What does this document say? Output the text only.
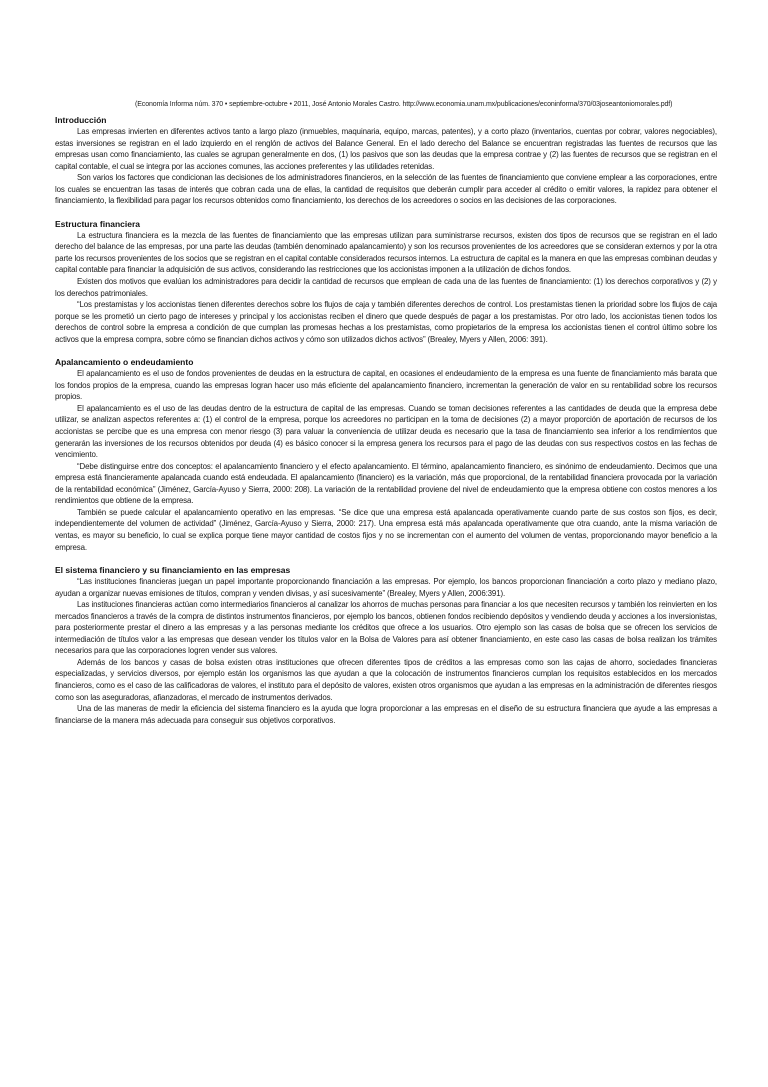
(Economía Informa núm. 370 • septiembre-octubre • 2011, José Antonio Morales Castro. http://www.economia.unam.mx/publicaciones/econinforma/370/03joseantoniomorales.pdf)
Introducción

Las empresas invierten en diferentes activos tanto a largo plazo (inmuebles, maquinaria, equipo, marcas, patentes), y a corto plazo (inventarios, cuentas por cobrar, valores negociables), estas inversiones se registran en el lado izquierdo en el renglón de activos del Balance General. En el lado derecho del Balance se encuentran registradas las fuentes de recursos que las empresas usan como financiamiento, las cuales se agrupan generalmente en dos, (1) los pasivos que son las deudas que la empresa contrae y (2) las fuentes de recursos que se registran en el capital contable, el cual se integra por las acciones comunes, las acciones preferentes y las utilidades retenidas.

Son varios los factores que condicionan las decisiones de los administradores financieros, en la selección de las fuentes de financiamiento que conviene emplear a las corporaciones, entre los cuales se encuentran las tasas de interés que cobran cada una de ellas, la cantidad de requisitos que deberán cumplir para acceder al crédito o emitir valores, la rapidez para obtener el financiamiento, la flexibilidad para pagar los recursos obtenidos como financiamiento, los derechos de los acreedores o socios en las decisiones de las corporaciones.

Estructura financiera

La estructura financiera es la mezcla de las fuentes de financiamiento que las empresas utilizan para suministrarse recursos, existen dos tipos de recursos que se registran en el lado derecho del balance de las empresas, por una parte las deudas (también denominado apalancamiento) y son los recursos provenientes de los acreedores que se consideran externos y por la otra parte los recursos provenientes de los socios que se registran en el capital contable considerados recursos internos. La estructura de capital es la manera en que las empresas combinan deudas y capital contable para financiar la adquisición de sus activos, considerando las restricciones que los accionistas imponen a la utilización de dichos fondos.

Existen dos motivos que evalúan los administradores para decidir la cantidad de recursos que emplean de cada una de las fuentes de financiamiento: (1) los derechos corporativos y (2) y los derechos patrimoniales.

“Los prestamistas y los accionistas tienen diferentes derechos sobre los flujos de caja y también diferentes derechos de control. Los prestamistas tienen la prioridad sobre los flujos de caja porque se les prometió un cierto pago de intereses y principal y los accionistas reciben el dinero que quede después de pagar a los prestamistas. Por otro lado, los accionistas tienen todos los derechos de control sobre la empresa a condición de que cumplan las promesas hechas a los prestamistas, como propietarios de la empresa los accionistas tienen el control último sobre los activos que la empresa compra, sobre cómo se financian dichos activos y cómo son utilizados dichos activos” (Brealey, Myers y Allen, 2006: 391).

Apalancamiento o endeudamiento

El apalancamiento es el uso de fondos provenientes de deudas en la estructura de capital, en ocasiones el endeudamiento de la empresa es una fuente de financiamiento más barata que los fondos propios de la empresa, cuando las empresas logran hacer uso más eficiente del apalancamiento financiero, incrementan la generación de valor en su rentabilidad sobre los recursos propios.

El apalancamiento es el uso de las deudas dentro de la estructura de capital de las empresas. Cuando se toman decisiones referentes a las cantidades de deuda que la empresa debe utilizar, se analizan aspectos referentes a: (1) el control de la empresa, porque los acreedores no participan en la toma de decisiones (2) a mayor proporción de aportación de recursos de los accionistas se percibe que es una empresa con menor riesgo (3) para valuar la conveniencia de utilizar deuda es necesario que la tasa de financiamiento sea inferior a los rendimientos que generarán las inversiones de los recursos obtenidos por deuda (4) es básico conocer si la empresa genera los recursos para el pago de las deudas con sus respectivos costos en las fechas de vencimiento.

“Debe distinguirse entre dos conceptos: el apalancamiento financiero y el efecto apalancamiento. El término, apalancamiento financiero, es sinónimo de endeudamiento. Decimos que una empresa está financieramente apalancada cuando está endeudada. El apalancamiento (financiero) es la variación, más que proporcional, de la rentabilidad financiera provocada por la variación de la rentabilidad económica” (Jiménez, García-Ayuso y Sierra, 2000: 208). La variación de la rentabilidad proviene del nivel de endeudamiento que la empresa obtiene con costos menores a los rendimientos que obtiene de la empresa.

También se puede calcular el apalancamiento operativo en las empresas. “Se dice que una empresa está apalancada operativamente cuando parte de sus costos son fijos, es decir, independientemente del volumen de actividad” (Jiménez, García-Ayuso y Sierra, 2000: 217). Una empresa está más apalancada operativamente que otra cuando, ante la misma variación de ventas, es mayor su beneficio, lo cual se explica porque tiene mayor cantidad de costos fijos y no se incrementan con el aumento del volumen de ventas, proporcionando mayor beneficio a la empresa.

El sistema financiero y su financiamiento en las empresas

“Las instituciones financieras juegan un papel importante proporcionando financiación a las empresas. Por ejemplo, los bancos proporcionan financiación a corto plazo y mediano plazo, ayudan a organizar nuevas emisiones de títulos, compran y venden divisas, y así sucesivamente” (Brealey, Myers y Allen, 2006:391).

Las instituciones financieras actúan como intermediarios financieros al canalizar los ahorros de muchas personas para financiar a los que necesiten recursos y también los reinvierten en los mercados financieros a través de la compra de distintos instrumentos financieros, por ejemplo los bancos, obtienen fondos recibiendo depósitos y vendiendo deuda y acciones a los inversionistas, para posteriormente prestar el dinero a las empresas y a las personas mediante los créditos que ofrece a los usuarios. Otro ejemplo son las casas de bolsa que se ofrecen los servicios de intermediación de títulos valor a las empresas que desean vender los títulos valor en la Bolsa de Valores para así obtener financiamiento, en este caso las casas de bolsa realizan los trámites necesarios para que las corporaciones logren vender sus valores.

Además de los bancos y casas de bolsa existen otras instituciones que ofrecen diferentes tipos de créditos a las empresas como son las cajas de ahorro, sociedades financieras especializadas, y servicios diversos, por ejemplo están los organismos las que ayudan a que la colocación de instrumentos financieros cumplan los requisitos establecidos en los mercados financieros, como es el caso de las calificadoras de valores, el instituto para el depósito de valores, existen otros organismos que ayudan a las empresas en la administración de diferentes riesgos como son las aseguradoras, afianzadoras, el mercado de instrumentos derivados.

Una de las maneras de medir la eficiencia del sistema financiero es la ayuda que logra proporcionar a las empresas en el diseño de su estructura financiera que ayude a las empresas a financiarse de la manera más adecuada para conseguir sus objetivos corporativos.
